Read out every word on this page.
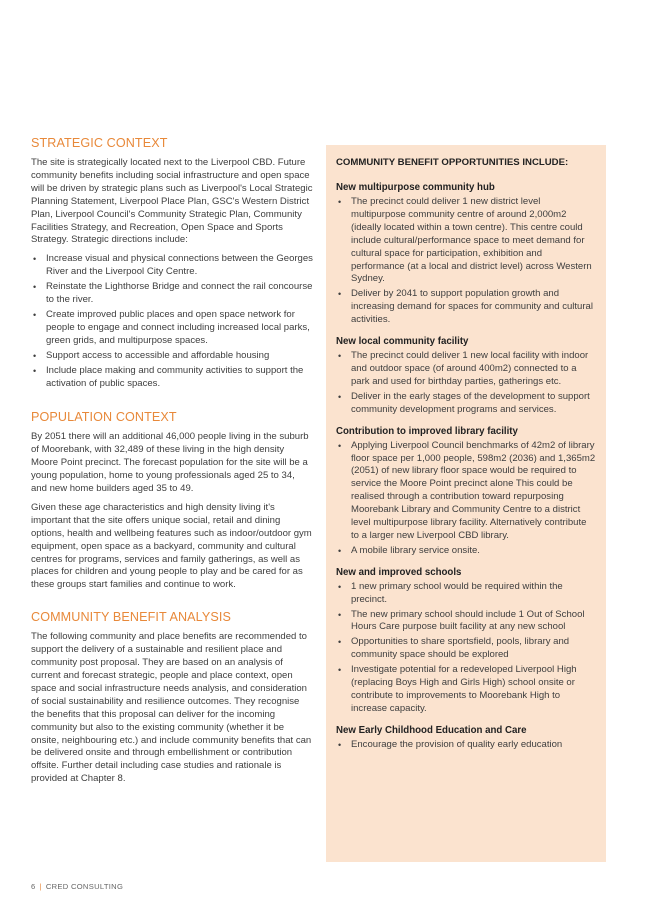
STRATEGIC CONTEXT

The site is strategically located next to the Liverpool CBD. Future community benefits including social infrastructure and open space will be driven by strategic plans such as Liverpool's Local Strategic Planning Statement, Liverpool Place Plan, GSC's Western District Plan, Liverpool Council's Community Strategic Plan, Community Facilities Strategy, and Recreation, Open Space and Sports Strategy. Strategic directions include:

• Increase visual and physical connections between the Georges River and the Liverpool City Centre.
• Reinstate the Lighthorse Bridge and connect the rail concourse to the river.
• Create improved public places and open space network for people to engage and connect including increased local parks, green grids, and multipurpose spaces.
• Support access to accessible and affordable housing
• Include place making and community activities to support the activation of public spaces.
POPULATION CONTEXT

By 2051 there will an additional 46,000 people living in the suburb of Moorebank, with 32,489 of these living in the high density Moore Point precinct. The forecast population for the site will be a young population, home to young professionals aged 25 to 34, and new home builders aged 35 to 49.

Given these age characteristics and high density living it's important that the site offers unique social, retail and dining options, health and wellbeing features such as indoor/outdoor gym equipment, open space as a backyard, community and cultural centres for programs, services and family gatherings, as well as places for children and young people to play and be cared for as these groups start families and continue to work.

COMMUNITY BENEFIT ANALYSIS

The following community and place benefits are recommended to support the delivery of a sustainable and resilient place and community post proposal. They are based on an analysis of current and forecast strategic, people and place context, open space and social infrastructure needs analysis, and consideration of social sustainability and resilience outcomes. They recognise the benefits that this proposal can deliver for the incoming community but also to the existing community (whether it be onsite, neighbouring etc.) and include community benefits that can be delivered onsite and through embellishment or contribution offsite. Further detail including case studies and rationale is provided at Chapter 8.

COMMUNITY BENEFIT OPPORTUNITIES INCLUDE:
New multipurpose community hub
• The precinct could deliver 1 new district level multipurpose community centre of around 2,000m2 (ideally located within a town centre). This centre could include cultural/performance space to meet demand for cultural space for participation, exhibition and performance (at a local and district level) across Western Sydney.
• Deliver by 2041 to support population growth and increasing demand for spaces for community and cultural activities.
New local community facility
• The precinct could deliver 1 new local facility with indoor and outdoor space (of around 400m2) connected to a park and used for birthday parties, gatherings etc.
• Deliver in the early stages of the development to support community development programs and services.
Contribution to improved library facility
• Applying Liverpool Council benchmarks of 42m2 of library floor space per 1,000 people, 598m2 (2036) and 1,365m2 (2051) of new library floor space would be required to service the Moore Point precinct alone This could be realised through a contribution toward repurposing Moorebank Library and Community Centre to a district level multipurpose library facility. Alternatively contribute to a larger new Liverpool CBD library.
• A mobile library service onsite.
New and improved schools
• 1 new primary school would be required within the precinct.
• The new primary school should include 1 Out of School Hours Care purpose built facility at any new school
• Opportunities to share sportsfield, pools, library and community space should be explored
• Investigate potential for a redeveloped Liverpool High (replacing Boys High and Girls High) school onsite or contribute to improvements to Moorebank High to increase capacity.
New Early Childhood Education and Care
• Encourage the provision of quality early education
6 | CRED CONSULTING
